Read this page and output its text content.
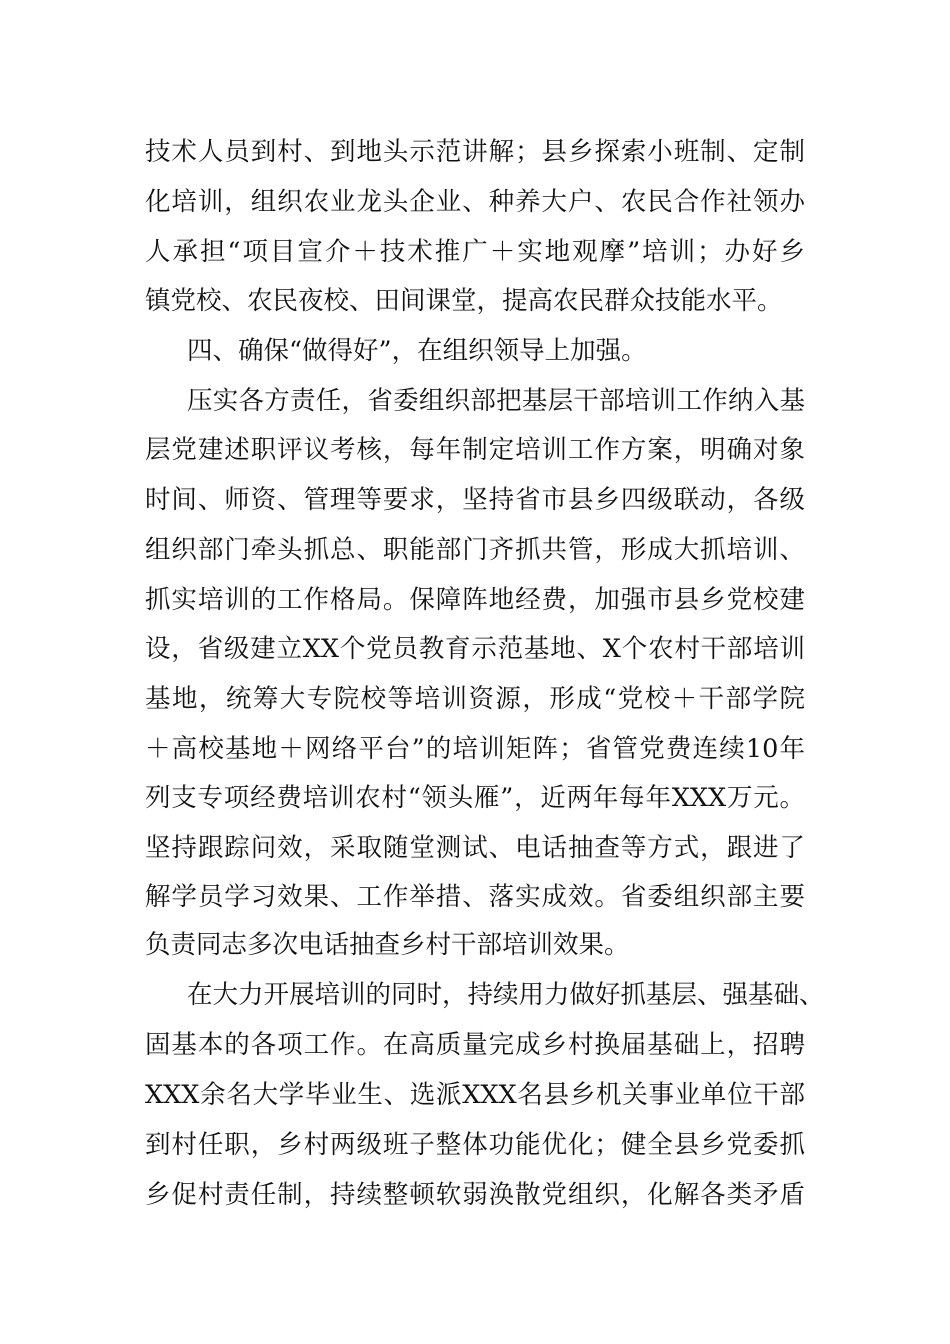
技术人员到村、到地头示范讲解；县乡探索小班制、定制
化培训，组织农业龙头企业、种养大户、农民合作社领办
人承担“项目宣介＋技术推广＋实地观摩”培训；办好乡
镇党校、农民夜校、田间课堂，提高农民群众技能水平。
四、确保“做得好”，在组织领导上加强。
压实各方责任，省委组织部把基层干部培训工作纳入基
层党建述职评议考核，每年制定培训工作方案，明确对象
时间、师资、管理等要求，坚持省市县乡四级联动，各级
组织部门牵头抓总、职能部门齐抓共管，形成大抓培训、
抓实培训的工作格局。保障阵地经费，加强市县乡党校建
设，省级建立XX个党员教育示范基地、X个农村干部培训
基地，统筹大专院校等培训资源，形成“党校＋干部学院
＋高校基地＋网络平台”的培训矩阵；省管党费连续10年
列支专项经费培训农村“领头雁”，近两年每年XXX万元。
坚持跟踪问效，采取随堂测试、电话抽查等方式，跟进了
解学员学习效果、工作举措、落实成效。省委组织部主要
负责同志多次电话抽查乡村干部培训效果。
在大力开展培训的同时，持续用力做好抓基层、强基础、
固基本的各项工作。在高质量完成乡村换届基础上，招聘
XXX余名大学毕业生、选派XXX名县乡机关事业单位干部
到村任职，乡村两级班子整体功能优化；健全县乡党委抓
乡促村责任制，持续整顿软弱涣散党组织，化解各类矛盾
